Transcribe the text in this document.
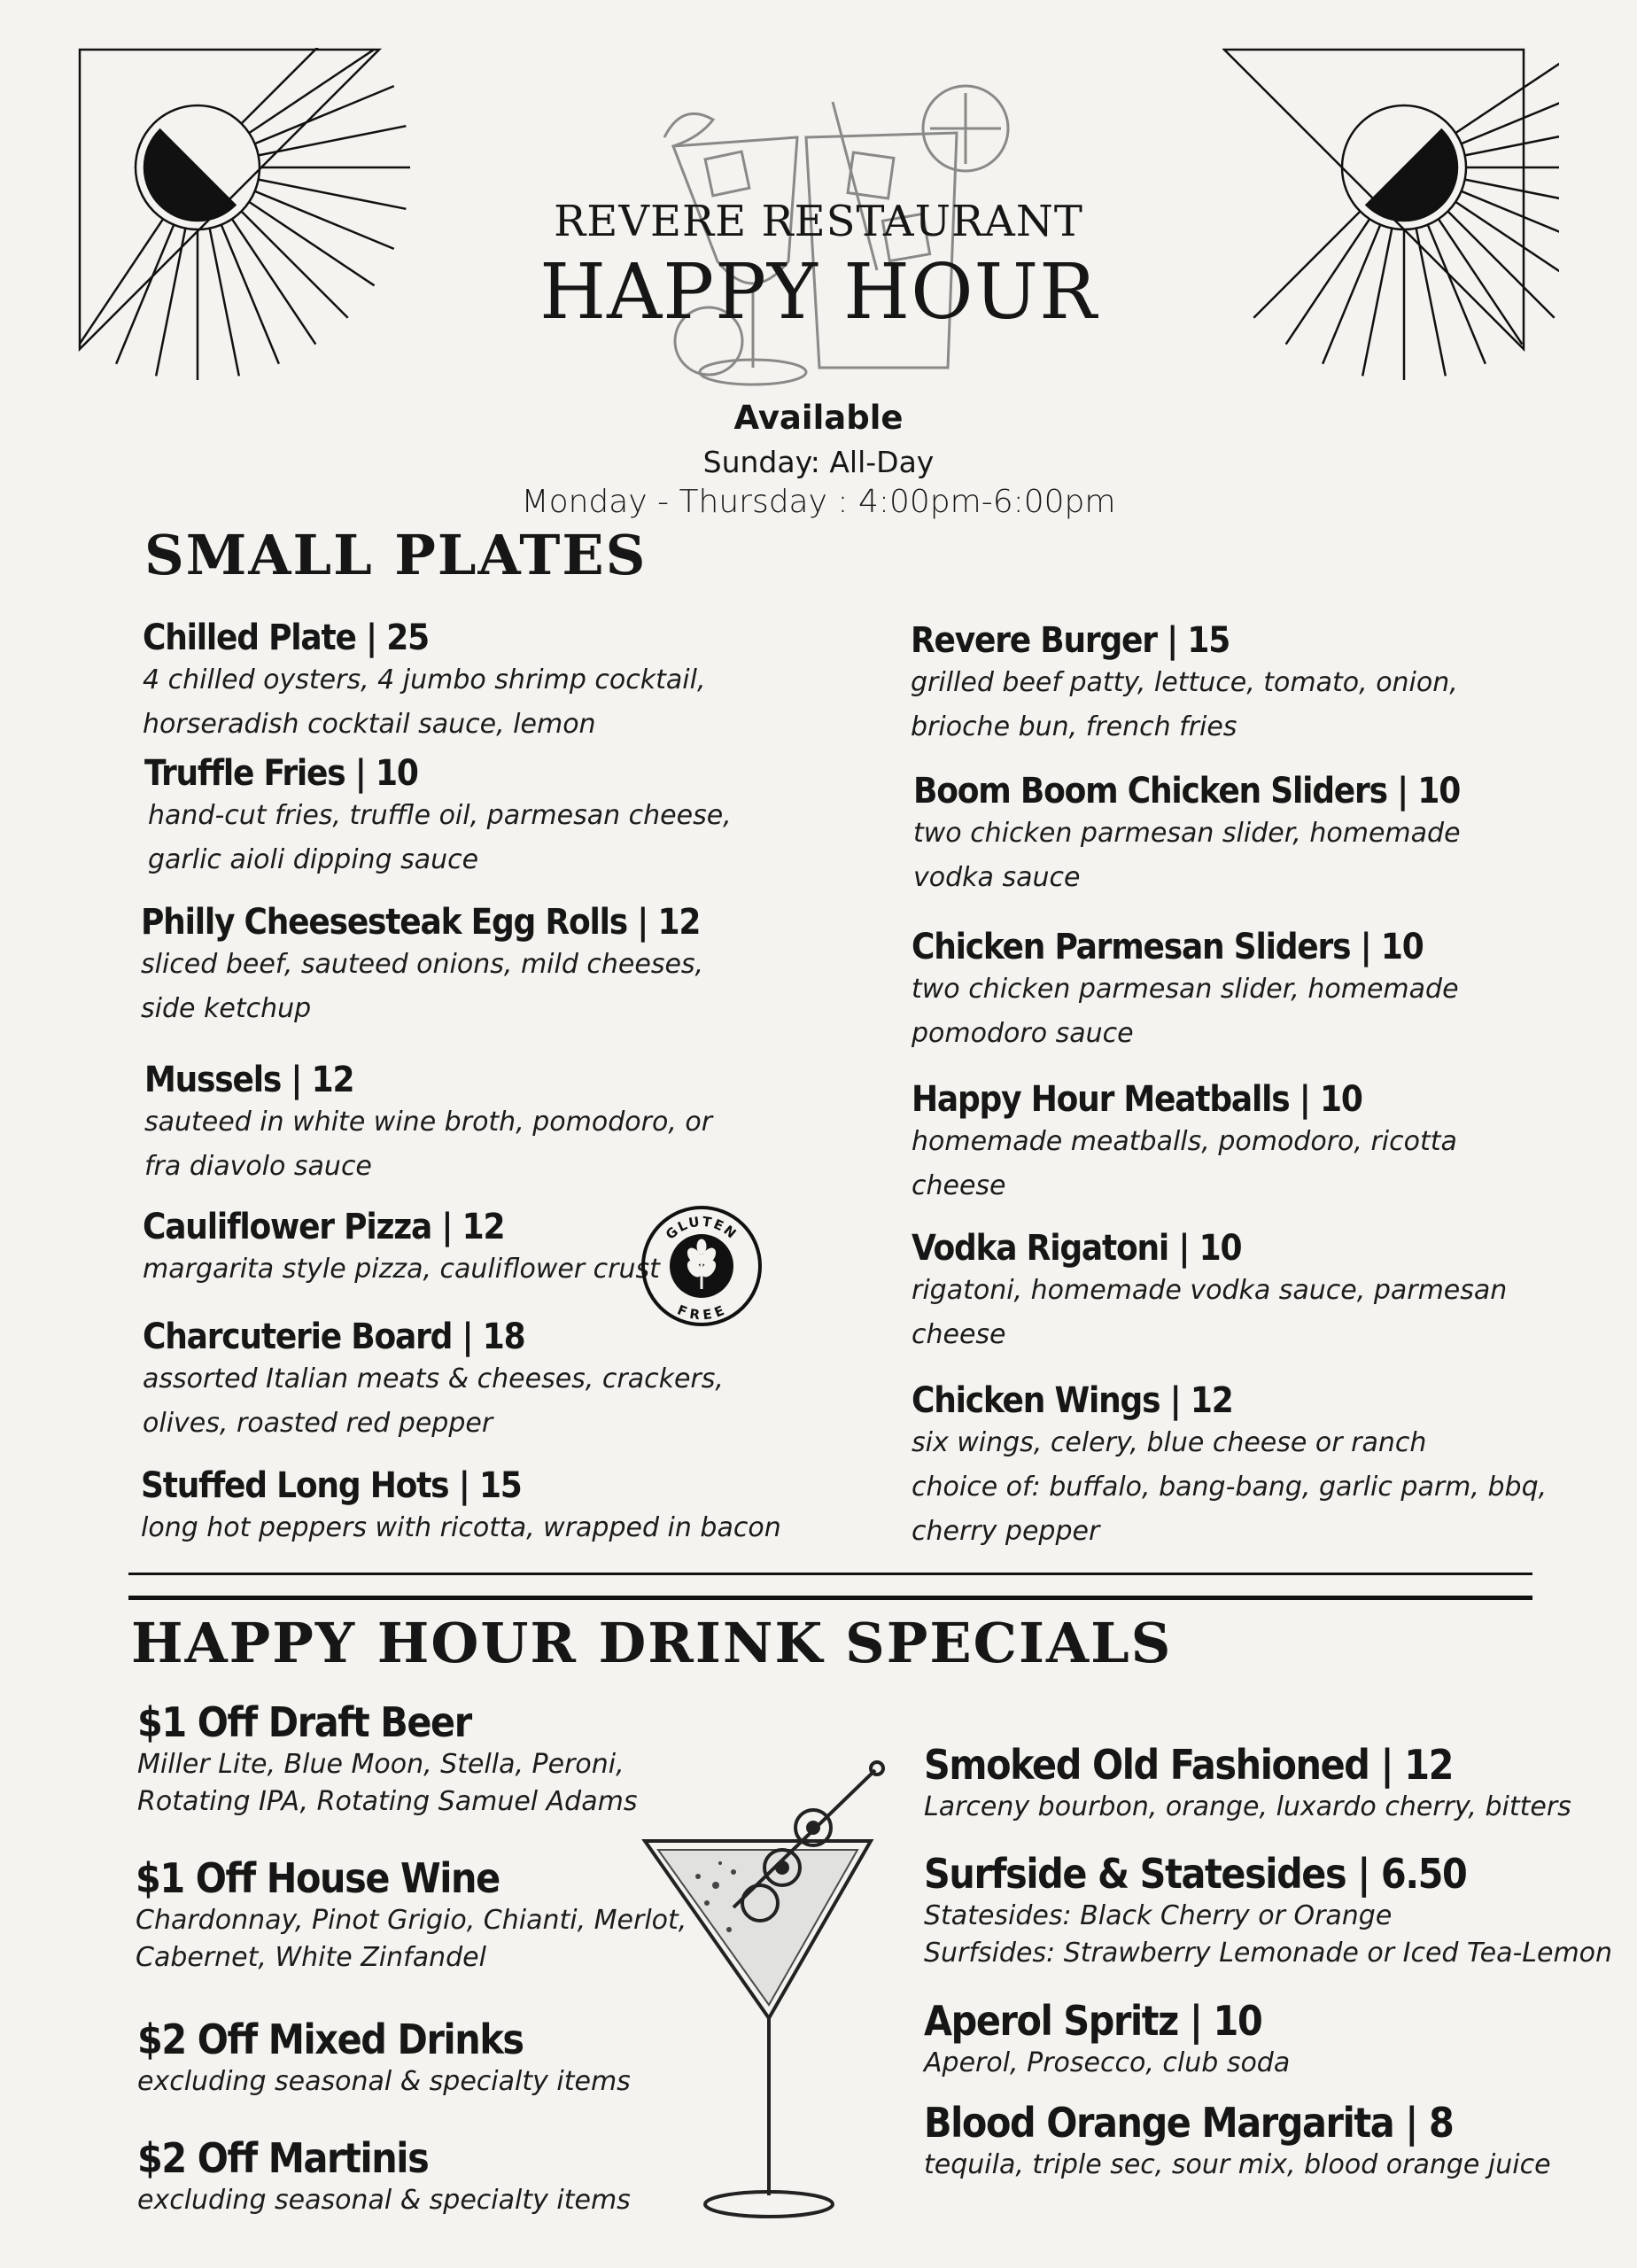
REVERE RESTAURANT
HAPPY HOUR
Available
Sunday: All-Day
Monday - Thursday : 4:00pm-6:00pm
SMALL PLATES
Chilled Plate | 25
4 chilled oysters, 4 jumbo shrimp cocktail,
horseradish cocktail sauce, lemon
Truffle Fries | 10
hand-cut fries, truffle oil, parmesan cheese,
garlic aioli dipping sauce
Philly Cheesesteak Egg Rolls | 12
sliced beef, sauteed onions, mild cheeses,
side ketchup
Mussels | 12
sauteed in white wine broth, pomodoro, or
fra diavolo sauce
Cauliflower Pizza | 12
margarita style pizza, cauliflower crust
Charcuterie Board | 18
assorted Italian meats & cheeses, crackers,
olives, roasted red pepper
Stuffed Long Hots | 15
long hot peppers with ricotta, wrapped in bacon
GLUTEN
FREE
Revere Burger | 15
grilled beef patty, lettuce, tomato, onion,
brioche bun, french fries
Boom Boom Chicken Sliders | 10
two chicken parmesan slider, homemade
vodka sauce
Chicken Parmesan Sliders | 10
two chicken parmesan slider, homemade
pomodoro sauce
Happy Hour Meatballs | 10
homemade meatballs, pomodoro, ricotta
cheese
Vodka Rigatoni | 10
rigatoni, homemade vodka sauce, parmesan
cheese
Chicken Wings | 12
six wings, celery, blue cheese or ranch
choice of: buffalo, bang-bang, garlic parm, bbq,
cherry pepper
HAPPY HOUR DRINK SPECIALS
$1 Off Draft Beer
Miller Lite, Blue Moon, Stella, Peroni,
Rotating IPA, Rotating Samuel Adams
$1 Off House Wine
Chardonnay, Pinot Grigio, Chianti, Merlot,
Cabernet, White Zinfandel
$2 Off Mixed Drinks
excluding seasonal & specialty items
$2 Off Martinis
excluding seasonal & specialty items
Smoked Old Fashioned | 12
Larceny bourbon, orange, luxardo cherry, bitters
Surfside & Statesides | 6.50
Statesides: Black Cherry or Orange
Surfsides: Strawberry Lemonade or Iced Tea-Lemon
Aperol Spritz | 10
Aperol, Prosecco, club soda
Blood Orange Margarita | 8
tequila, triple sec, sour mix, blood orange juice
